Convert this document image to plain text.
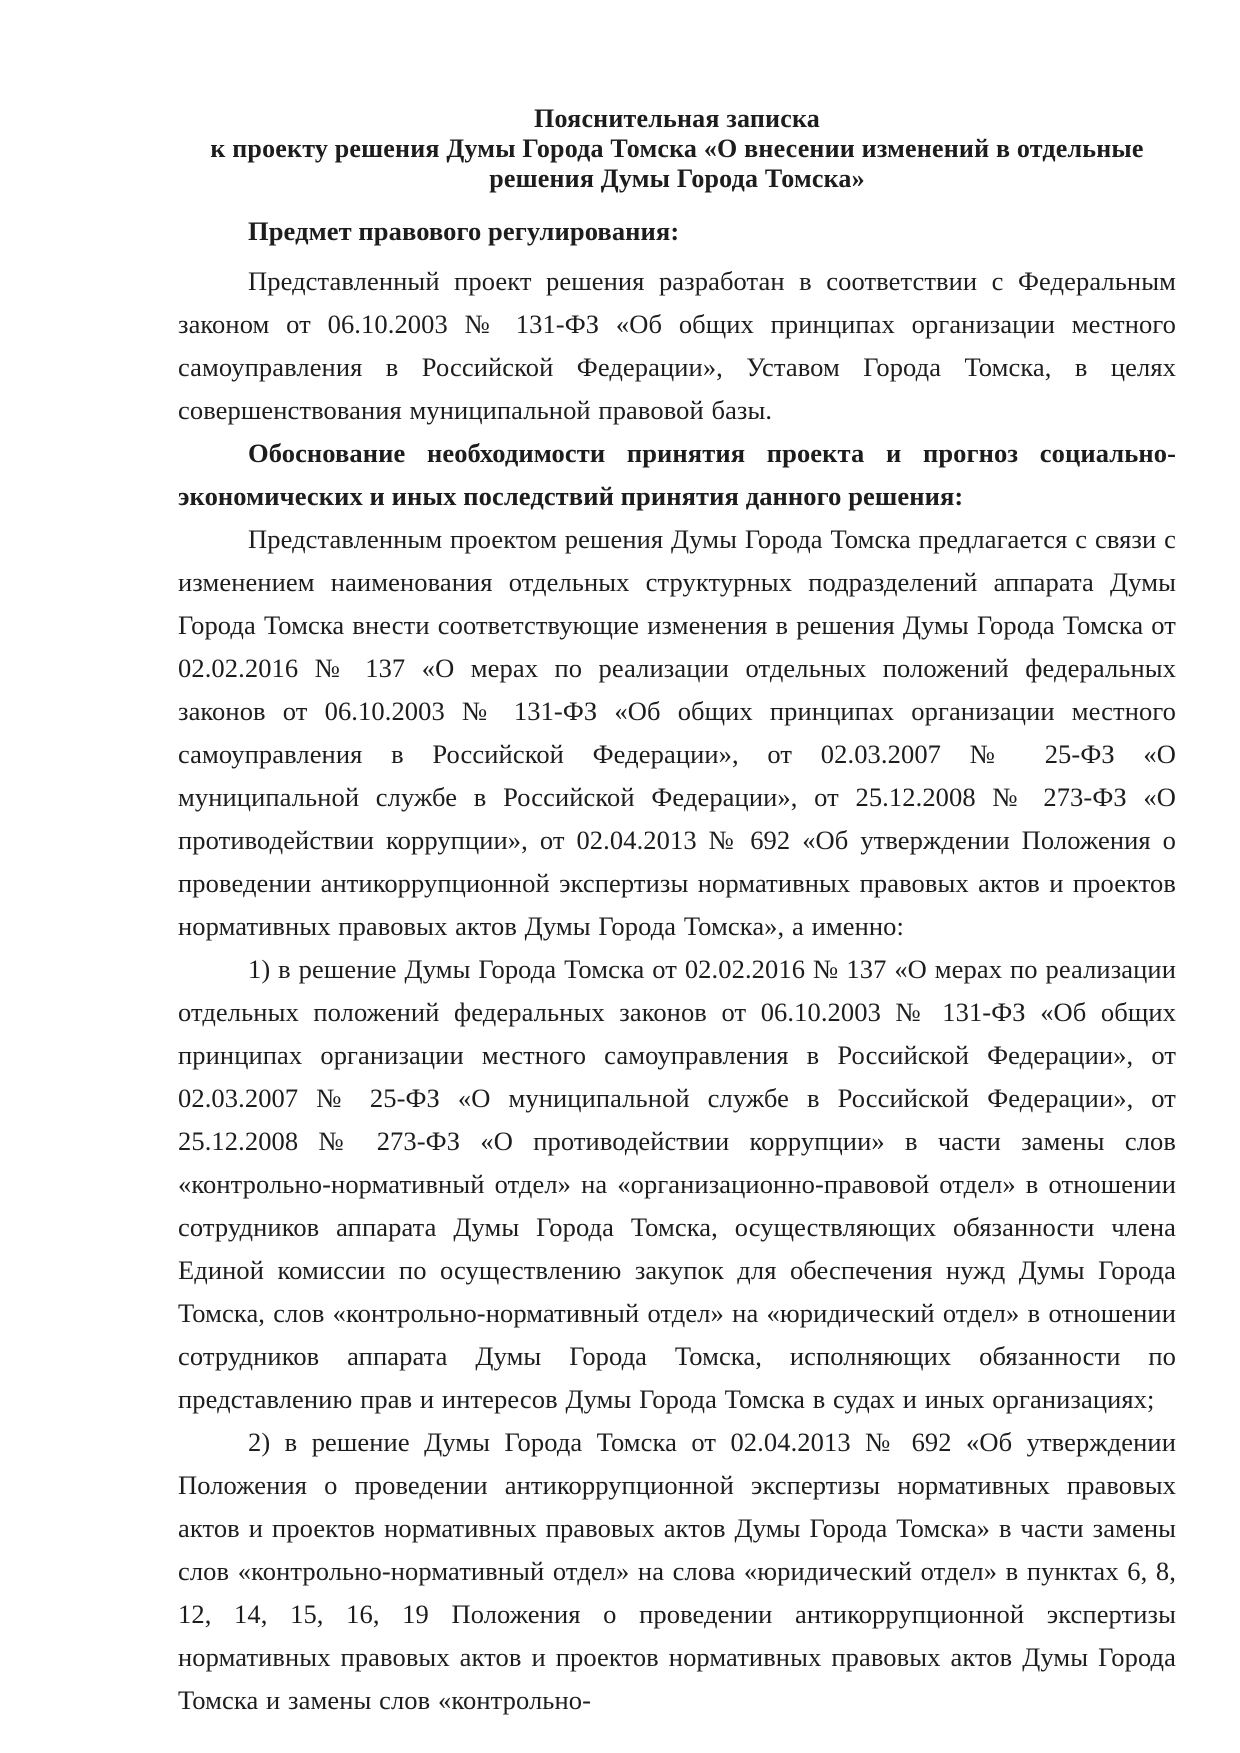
Пояснительная записка
к проекту решения Думы Города Томска «О внесении изменений в отдельные
решения Думы Города Томска»

Предмет правового регулирования:

Представленный проект решения разработан в соответствии с Федеральным законом от 06.10.2003 № 131-ФЗ «Об общих принципах организации местного самоуправления в Российской Федерации», Уставом Города Томска, в целях совершенствования муниципальной правовой базы.

Обоснование необходимости принятия проекта и прогноз социально-экономических и иных последствий принятия данного решения:

Представленным проектом решения Думы Города Томска предлагается с связи с изменением наименования отдельных структурных подразделений аппарата Думы Города Томска внести соответствующие изменения в решения Думы Города Томска от 02.02.2016 № 137 «О мерах по реализации отдельных положений федеральных законов от 06.10.2003 № 131-ФЗ «Об общих принципах организации местного самоуправления в Российской Федерации», от 02.03.2007 № 25-ФЗ «О муниципальной службе в Российской Федерации», от 25.12.2008 № 273-ФЗ «О противодействии коррупции», от 02.04.2013 № 692 «Об утверждении Положения о проведении антикоррупционной экспертизы нормативных правовых актов и проектов нормативных правовых актов Думы Города Томска», а именно:

1) в решение Думы Города Томска от 02.02.2016 № 137 «О мерах по реализации отдельных положений федеральных законов от 06.10.2003 № 131-ФЗ «Об общих принципах организации местного самоуправления в Российской Федерации», от 02.03.2007 № 25-ФЗ «О муниципальной службе в Российской Федерации», от 25.12.2008 № 273-ФЗ «О противодействии коррупции» в части замены слов «контрольно-нормативный отдел» на «организационно-правовой отдел» в отношении сотрудников аппарата Думы Города Томска, осуществляющих обязанности члена Единой комиссии по осуществлению закупок для обеспечения нужд Думы Города Томска, слов «контрольно-нормативный отдел» на «юридический отдел» в отношении сотрудников аппарата Думы Города Томска, исполняющих обязанности по представлению прав и интересов Думы Города Томска в судах и иных организациях;

2) в решение Думы Города Томска от 02.04.2013 № 692 «Об утверждении Положения о проведении антикоррупционной экспертизы нормативных правовых актов и проектов нормативных правовых актов Думы Города Томска» в части замены слов «контрольно-нормативный отдел» на слова «юридический отдел» в пунктах 6, 8, 12, 14, 15, 16, 19 Положения о проведении антикоррупционной экспертизы нормативных правовых актов и проектов нормативных правовых актов Думы Города Томска и замены слов «контрольно-
